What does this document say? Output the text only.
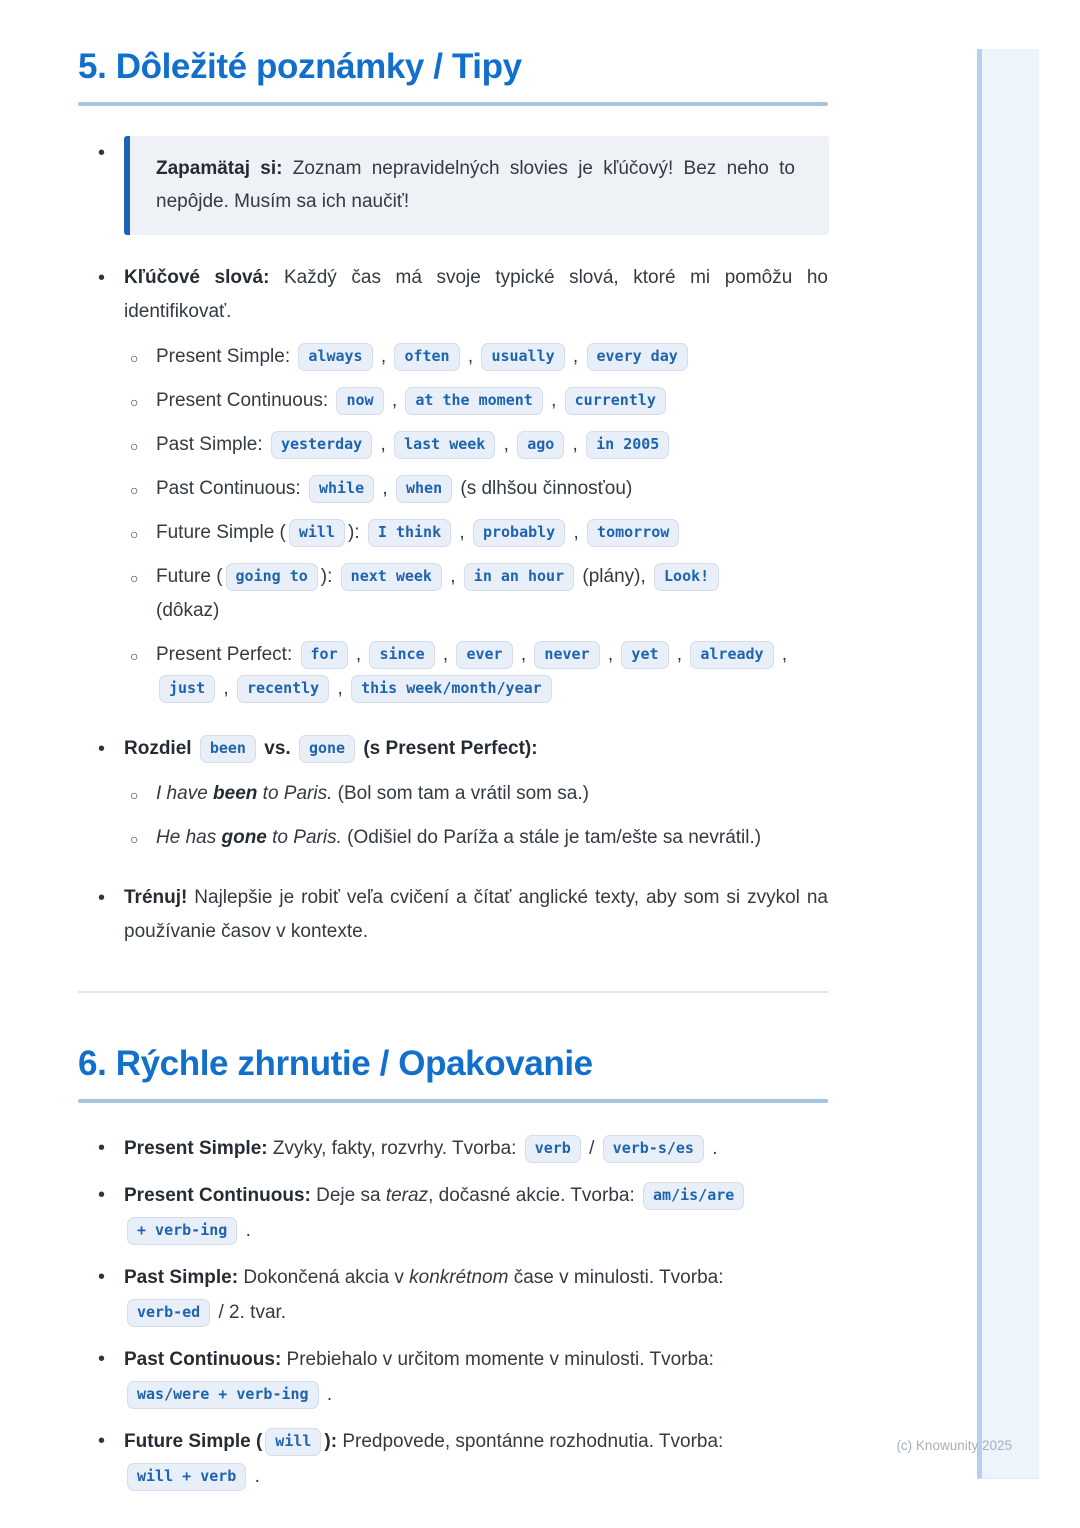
5. Dôležité poznámky / Tipy

• Zapamätaj si: Zoznam nepravidelných slovies je kľúčový! Bez neho to nepôjde. Musím sa ich naučiť!

• Kľúčové slová: Každý čas má svoje typické slová, ktoré mi pomôžu ho identifikovať.

○ Present Simple: always , often , usually , every day
○ Present Continuous: now , at the moment , currently
○ Past Simple: yesterday , last week , ago , in 2005
○ Past Continuous: while , when (s dlhšou činnosťou)
○ Future Simple ( will ): I think , probably , tomorrow
○ Future ( going to ): next week , in an hour (plány), Look!
(dôkaz)
○ Present Perfect: for , since , ever , never , yet , already ,
just , recently , this week/month/year

• Rozdiel been vs. gone (s Present Perfect):

○ I have been to Paris. (Bol som tam a vrátil som sa.)
○ He has gone to Paris. (Odišiel do Paríža a stále je tam/ešte sa nevrátil.)
• Trénuj! Najlepšie je robiť veľa cvičení a čítať anglické texty, aby som si zvykol na používanie časov v kontexte.
6. Rýchle zhrnutie / Opakovanie
• Present Simple: Zvyky, fakty, rozvrhy. Tvorba: verb / verb-s/es .
• Present Continuous: Deje sa teraz, dočasné akcie. Tvorba: am/is/are
+ verb-ing .
• Past Simple: Dokončená akcia v konkrétnom čase v minulosti. Tvorba:
verb-ed / 2. tvar.
• Past Continuous: Prebiehalo v určitom momente v minulosti. Tvorba:
was/were + verb-ing .
• Future Simple ( will ): Predpovede, spontánne rozhodnutia. Tvorba:
will + verb .
(c) Knowunity 2025
